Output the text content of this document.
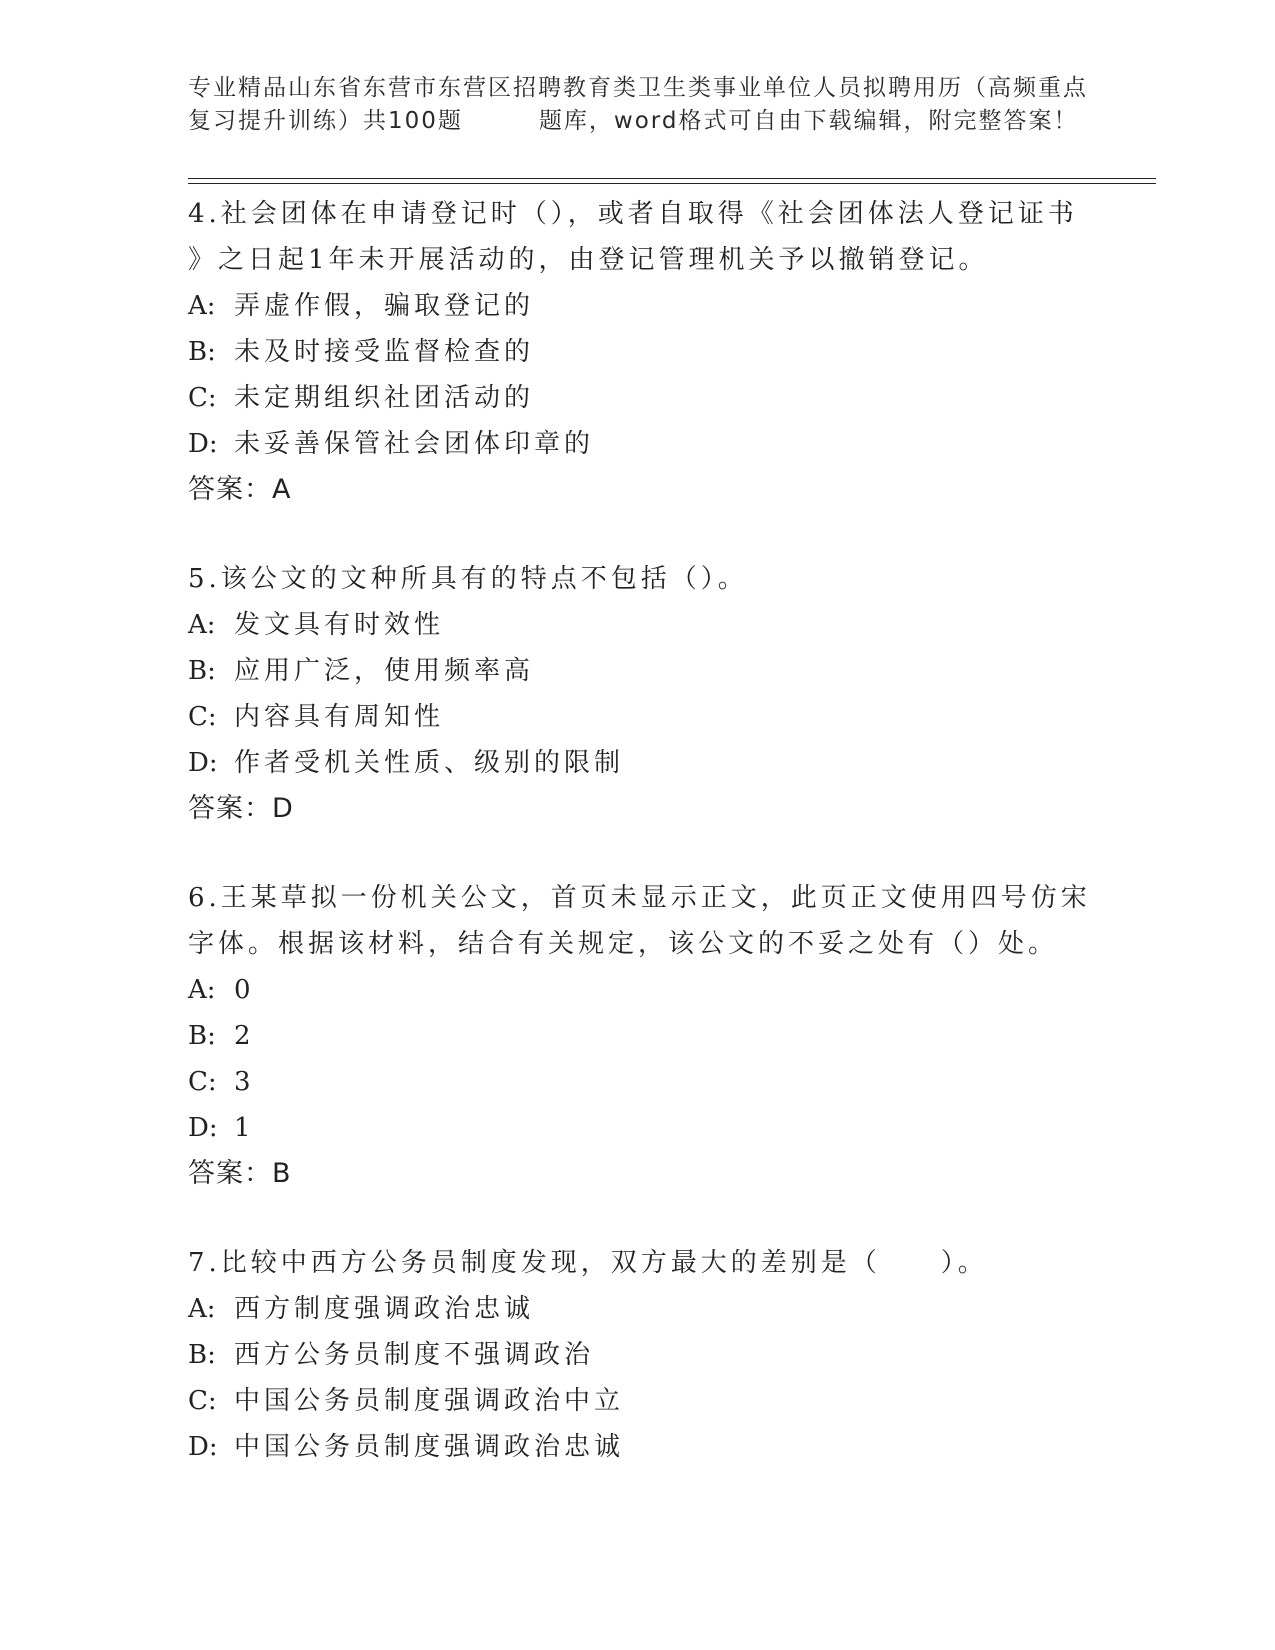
专业精品山东省东营市东营区招聘教育类卫生类事业单位人员拟聘用历（高频重点
复习提升训练）共100题	题库，word格式可自由下载编辑，附完整答案！
4.社会团体在申请登记时（），或者自取得《社会团体法人登记证书
》之日起1年未开展活动的，由登记管理机关予以撤销登记。
A: 弄虚作假，骗取登记的
B: 未及时接受监督检查的
C: 未定期组织社团活动的
D: 未妥善保管社会团体印章的
答案：A
5.该公文的文种所具有的特点不包括（）。
A: 发文具有时效性
B: 应用广泛，使用频率高
C: 内容具有周知性
D: 作者受机关性质、级别的限制
答案：D
6.王某草拟一份机关公文，首页未显示正文，此页正文使用四号仿宋
字体。根据该材料，结合有关规定，该公文的不妥之处有（）处。
A: 0
B: 2
C: 3
D: 1
答案：B
7.比较中西方公务员制度发现，双方最大的差别是（　　）。
A: 西方制度强调政治忠诚
B: 西方公务员制度不强调政治
C: 中国公务员制度强调政治中立
D: 中国公务员制度强调政治忠诚
